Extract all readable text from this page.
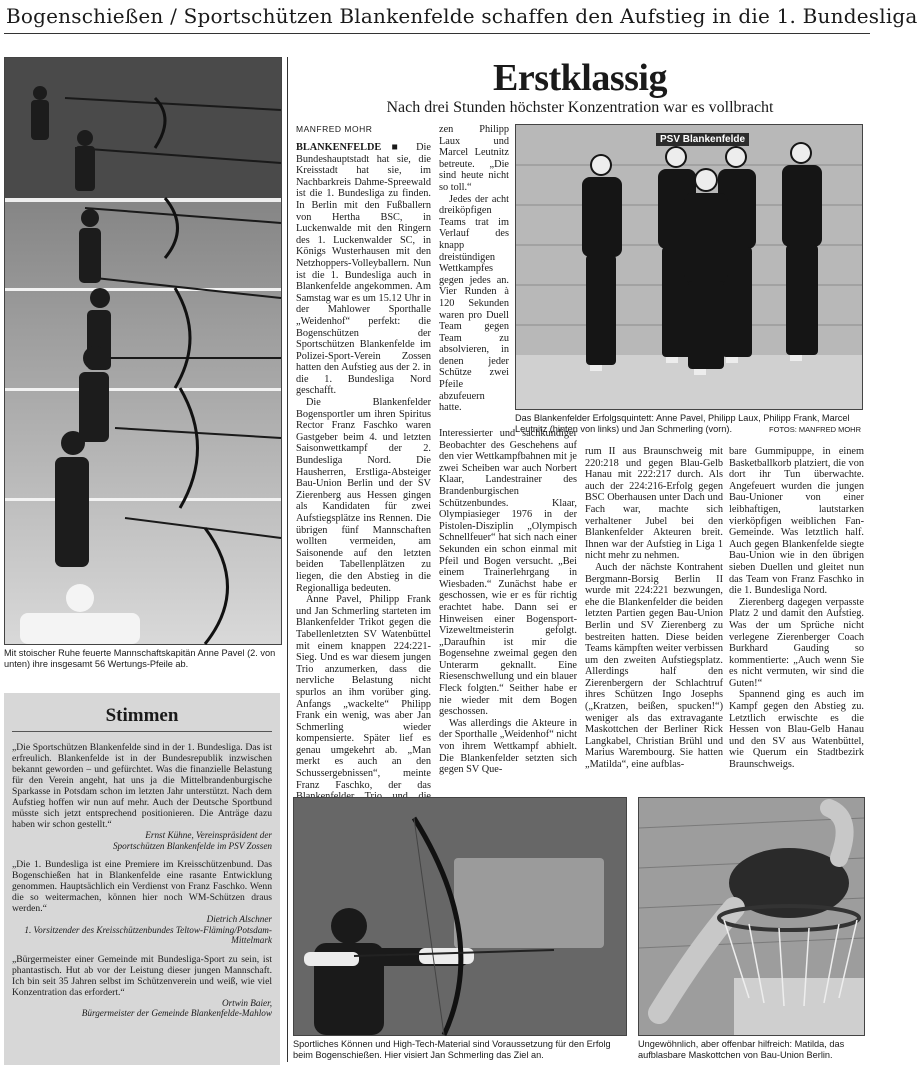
Bogenschießen / Sportschützen Blankenfelde schaffen den Aufstieg in die 1. Bundesliga
Mit stoischer Ruhe feuerte Mannschaftskapitän Anne Pavel (2. von unten) ihre insgesamt 56 Wertungs-Pfeile ab.
Stimmen

„Die Sportschützen Blankenfelde sind in der 1. Bundesliga. Das ist erfreulich. Blankenfelde ist in der Bundesrepublik inzwischen bekannt geworden – und gefürchtet. Was die finanzielle Belastung für den Verein angeht, hat uns ja die Mittelbrandenburgische Sparkasse in Potsdam schon im letzten Jahr unterstützt. Nach dem Aufstieg hoffen wir nun auf mehr. Auch der Deutsche Sportbund müsste sich jetzt entsprechend positionieren. Die Anträge dazu haben wir schon gestellt.“

Ernst Kühne, Vereinspräsident der
Sportschützen Blankenfelde im PSV Zossen

„Die 1. Bundesliga ist eine Premiere im Kreisschützenbund. Das Bogenschießen hat in Blankenfelde eine rasante Entwicklung genommen. Hauptsächlich ein Verdienst von Franz Faschko. Wenn die so weitermachen, können hier noch WM-Schützen draus werden.“

Dietrich Alschner
1. Vorsitzender des Kreisschützenbundes Teltow-Fläming/Potsdam-Mittelmark

„Bürgermeister einer Gemeinde mit Bundesliga-Sport zu sein, ist phantastisch. Hut ab vor der Leistung dieser jungen Mannschaft. Ich bin seit 35 Jahren selbst im Schützenverein und weiß, wie viel Konzentration das erfordert.“

Ortwin Baier,
Bürgermeister der Gemeinde Blankenfelde-Mahlow

Erstklassig
Nach drei Stunden höchster Konzentration war es vollbracht
MANFRED MOHR

BLANKENFELDE ■ Die Bundeshauptstadt hat sie, die Kreisstadt hat sie, im Nachbarkreis Dahme-Spreewald ist die 1. Bundesliga zu finden. In Berlin mit den Fußballern von Hertha BSC, in Luckenwalde mit den Ringern des 1. Luckenwalder SC, in Königs Wusterhausen mit den Netzhoppers-Volleyballern. Nun ist die 1. Bundesliga auch in Blankenfelde angekommen. Am Samstag war es um 15.12 Uhr in der Mahlower Sporthalle „Weidenhof“ perfekt: die Bogenschützen der Sportschützen Blankenfelde im Polizei-Sport-Verein Zossen hatten den Aufstieg aus der 2. in die 1. Bundesliga Nord geschafft.

Die Blankenfelder Bogensportler um ihren Spiritus Rector Franz Faschko waren Gastgeber beim 4. und letzten Saisonwettkampf der 2. Bundesliga Nord. Die Hausherren, Erstliga-Absteiger Bau-Union Berlin und der SV Zierenberg aus Hessen gingen als Kandidaten für zwei Aufstiegsplätze ins Rennen. Die übrigen fünf Mannschaften wollten vermeiden, am Saisonende auf den letzten beiden Tabellenplätzen zu liegen, die den Abstieg in die Regionalliga bedeuten.

Anne Pavel, Philipp Frank und Jan Schmerling starteten im Blankenfelder Trikot gegen die Tabellenletzten SV Watenbüttel mit einem knappen 224:221-Sieg. Und es war diesem jungen Trio anzumerken, dass die nervliche Belastung nicht spurlos an ihm vorüber ging. Anfangs „wackelte“ Philipp Frank ein wenig, was aber Jan Schmerling wieder kompensierte. Später lief es genau umgekehrt ab. „Man merkt es auch an den Schussergebnissen“, meinte Franz Faschko, der das

zen Philipp Laux und Marcel Leutnitz betreute. „Die sind heute nicht so toll.“

Jedes der acht dreiköpfigen Teams trat im Verlauf des knapp dreistündigen Wettkampfes gegen jedes an. Vier Runden à 120 Sekunden waren pro Duell Team gegen Team zu absolvieren, in denen jeder Schütze zwei Pfeile abzufeuern hatte.

Interessierter und sachkundiger Beobachter des Geschehens auf den vier Wettkampfbahnen mit je zwei Scheiben war auch Norbert Klaar, Landestrainer des Brandenburgischen Schützenbundes. Klaar, Olympiasieger 1976 in der Pistolen-Disziplin „Olympisch Schnellfeuer“ hat sich nach einer Sekunden ein schon einmal mit Pfeil und Bogen versucht. „Bei einem Trainerlehrgang in Wiesbaden.“ Zunächst habe er geschossen, wie er es für richtig erachtet habe. Dann sei er Hinweisen einer Bogensport-Vizeweltmeisterin gefolgt. „Daraufhin ist mir die Bogensehne zweimal gegen den Unterarm geknallt. Eine Riesenschwellung und ein blauer Fleck folgten.“ Seither habe er nie wieder mit dem Bogen geschossen.

Was allerdings die Akteure in der Sporthalle „Weidenhof“ nicht von ihrem Wettkampf abhielt. Die Blankenfelder setzten sich gegen SV Que-

PSV Blankenfelde
Das Blankenfelder Erfolgsquintett: Anne Pavel, Philipp Laux, Philipp Frank, Marcel Leutnitz (hinten von links) und Jan Schmerling (vorn).	FOTOS: MANFRED MOHR

rum II aus Braunschweig mit 220:218 und gegen Blau-Gelb Hanau mit 222:217 durch. Als auch der 224:216-Erfolg gegen BSC Oberhausen unter Dach und Fach war, machte sich verhaltener Jubel bei den Blankenfelder Akteuren breit. Ihnen war der Aufstieg in Liga 1 nicht mehr zu nehmen.

Auch der nächste Kontrahent Bergmann-Borsig Berlin II wurde mit 224:221 bezwungen, ehe die Blankenfelder die beiden letzten Partien gegen Bau-Union Berlin und SV Zierenberg zu bestreiten hatten. Diese beiden Teams kämpften weiter verbissen um den zweiten Aufstiegsplatz. Allerdings half den Zierenbergern der Schlachtruf ihres Schützen Ingo Josephs („Kratzen, beißen, spucken!“) weniger als das extravagante Maskottchen der Berliner Rick Langkabel, Christian Brühl und Marius Warembourg. Sie hatten „Matilda“, eine aufblas-

bare Gummipuppe, in einem Basketballkorb platziert, die von dort ihr Tun überwachte. Angefeuert wurden die jungen Bau-Unioner von einer leibhaftigen, lautstarken vierköpfigen weiblichen Fan-Gemeinde. Was letztlich half. Auch gegen Blankenfelde siegte Bau-Union wie in den übrigen sieben Duellen und gleitet nun das Team von Franz Faschko in die 1. Bundesliga Nord.

Zierenberg dagegen verpasste Platz 2 und damit den Aufstieg. Was der um Sprüche nicht verlegene Zierenberger Coach Burkhard Gauding so kommentierte: „Auch wenn Sie es nicht vermuten, wir sind die Guten!“

Spannend ging es auch im Kampf gegen den Abstieg zu. Letztlich erwischte es die Hessen von Blau-Gelb Hanau und den SV aus Watenbüttel, wie Querum ein Stadtbezirk Braunschweigs.

Sportliches Können und High-Tech-Material sind Voraussetzung für den Erfolg beim Bogenschießen. Hier visiert Jan Schmerling das Ziel an.
Ungewöhnlich, aber offenbar hilfreich: Matilda, das aufblasbare Maskottchen von Bau-Union Berlin.
